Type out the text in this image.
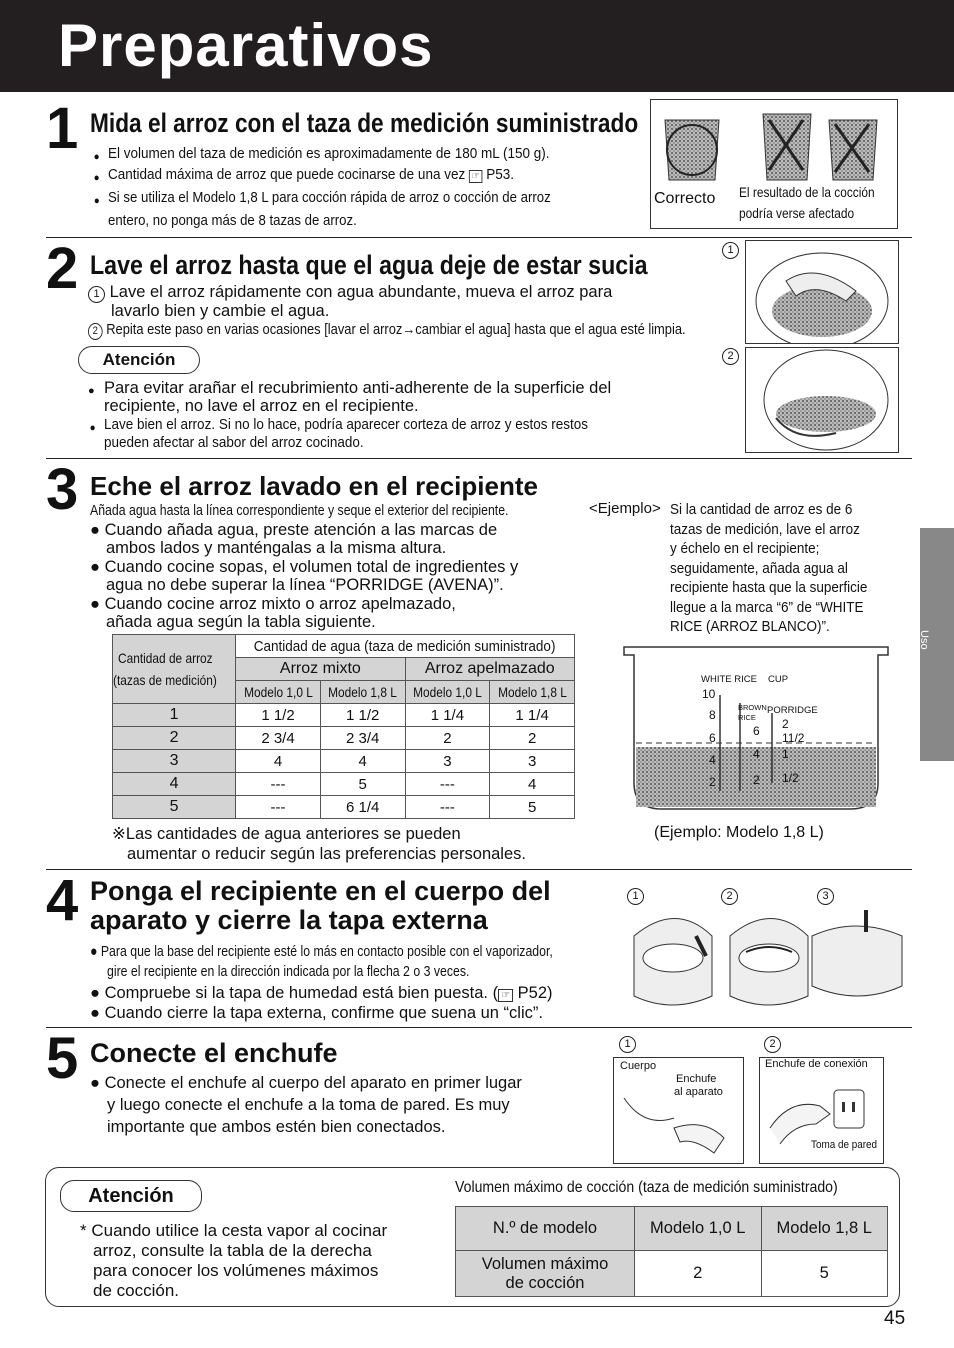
Preparativos
Uso
1 Mida el arroz con el taza de medición suministrado
● El volumen del taza de medición es aproximadamente de 180 mL (150 g).
● Cantidad máxima de arroz que puede cocinarse de una vez ☞ P53.
● Si se utiliza el Modelo 1,8 L para cocción rápida de arroz o cocción de arroz
entero, no ponga más de 8 tazas de arroz.
Correcto El resultado de la cocción
podría verse afectado
2 Lave el arroz hasta que el agua deje de estar sucia
1 Lave el arroz rápidamente con agua abundante, mueva el arroz para
lavarlo bien y cambie el agua.
2 Repita este paso en varias ocasiones [lavar el arroz→cambiar el agua] hasta que el agua esté limpia.
Atención
● Para evitar arañar el recubrimiento anti-adherente de la superficie del
recipiente, no lave el arroz en el recipiente.
● Lave bien el arroz. Si no lo hace, podría aparecer corteza de arroz y estos restos
pueden afectar al sabor del arroz cocinado.
1
2
3 Eche el arroz lavado en el recipiente
Añada agua hasta la línea correspondiente y seque el exterior del recipiente.
● Cuando añada agua, preste atención a las marcas de
ambos lados y manténgalas a la misma altura.
● Cuando cocine sopas, el volumen total de ingredientes y
agua no debe superar la línea “PORRIDGE (AVENA)”.
● Cuando cocine arroz mixto o arroz apelmazado,
añada agua según la tabla siguiente.
<Ejemplo> Si la cantidad de arroz es de 6
tazas de medición, lave el arroz
y échelo en el recipiente;
seguidamente, añada agua al
recipiente hasta que la superficie
llegue a la marca “6” de “WHITE
RICE (ARROZ BLANCO)”.
Cantidad de arroz
(tazas de medición)	Cantidad de agua (taza de medición suministrado)			
	Arroz mixto		Arroz apelmazado	
	Modelo 1,0 L	Modelo 1,8 L	Modelo 1,0 L	Modelo 1,8 L
1	1 1/2	1 1/2	1 1/4	1 1/4
2	2 3/4	2 3/4	2	2
3	4	4	3	3
4	---	5	---	4
5	---	6 1/4	---	5
※Las cantidades de agua anteriores se pueden
aumentar o reducir según las preferencias personales.
WHITE RICE CUP
BROWN
RICE
PORRIDGE
10
8
6
4
2
6
4
2
2
11/2
1
1/2
(Ejemplo: Modelo 1,8 L)
4 Ponga el recipiente en el cuerpo del
aparato y cierre la tapa externa
● Para que la base del recipiente esté lo más en contacto posible con el vaporizador,
gire el recipiente en la dirección indicada por la flecha 2 o 3 veces.
● Compruebe si la tapa de humedad está bien puesta. ( ☞ P52)
● Cuando cierre la tapa externa, confirme que suena un “clic”.
1	2	3
5 Conecte el enchufe
● Conecte el enchufe al cuerpo del aparato en primer lugar
y luego conecte el enchufe a la toma de pared. Es muy
importante que ambos estén bien conectados.
1	2
Cuerpo
Enchufe
al aparato
Enchufe de conexión
Toma de pared
Atención
* Cuando utilice la cesta vapor al cocinar
arroz, consulte la tabla de la derecha
para conocer los volúmenes máximos
de cocción.
Volumen máximo de cocción (taza de medición suministrado)
N.º de modelo	Modelo 1,0 L	Modelo 1,8 L
Volumen máximo
de cocción	2	5
45
